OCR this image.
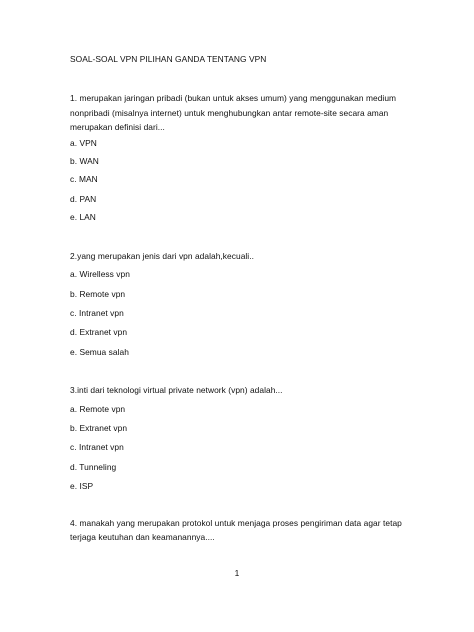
SOAL-SOAL VPN PILIHAN GANDA TENTANG VPN
1. merupakan jaringan pribadi (bukan untuk akses umum) yang menggunakan medium
nonpribadi (misalnya internet) untuk menghubungkan antar remote-site secara aman
merupakan definisi dari...
a. VPN
b. WAN
c. MAN
d. PAN
e. LAN
2.yang merupakan jenis dari vpn adalah,kecuali..
a. Wirelless vpn
b. Remote vpn
c. Intranet vpn
d. Extranet vpn
e. Semua salah
3.inti dari teknologi virtual private network (vpn) adalah...
a. Remote vpn
b. Extranet vpn
c. Intranet vpn
d. Tunneling
e. ISP
4. manakah yang merupakan protokol untuk menjaga proses pengiriman data agar tetap
terjaga keutuhan dan keamanannya....
1
